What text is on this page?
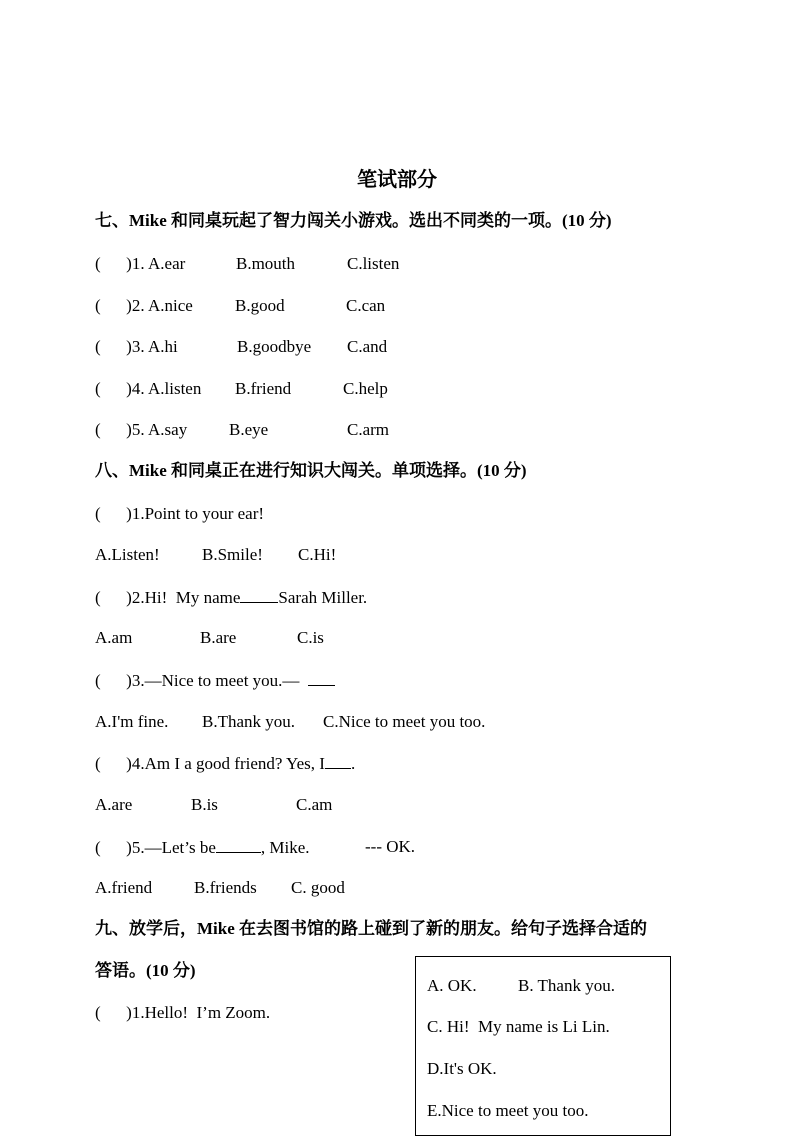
笔试部分
七、Mike 和同桌玩起了智力闯关小游戏。选出不同类的一项。(10 分)
(      )1. A.ear	B.mouth	C.listen
(      )2. A.nice B.good	C.can
(      )3. A.hi	B.goodbye C.and
(      )4. A.listen B.friend	C.help
(      )5. A.say B.eye	C.arm
八、Mike 和同桌正在进行知识大闯关。单项选择。(10 分)
(      )1.Point to your ear!
A.Listen! B.Smile! C.Hi!
(      )2.Hi!  My name Sarah Miller.
A.am	B.are	C.is
(      )3.—Nice to meet you.—
A.I'm fine. B.Thank you. C.Nice to meet you too.
(      )4.Am I a good friend? Yes, I .
A.are	B.is	C.am
(      )5.—Let’s be	, Mike.	--- OK.
A.friend B.friends C. good
九、放学后，Mike 在去图书馆的路上碰到了新的朋友。给句子选择合适的
答语。(10 分)
(      )1.Hello!  I’m Zoom.
A. OK. B. Thank you.
C. Hi!  My name is Li Lin.
D.It's OK.
E.Nice to meet you too.
